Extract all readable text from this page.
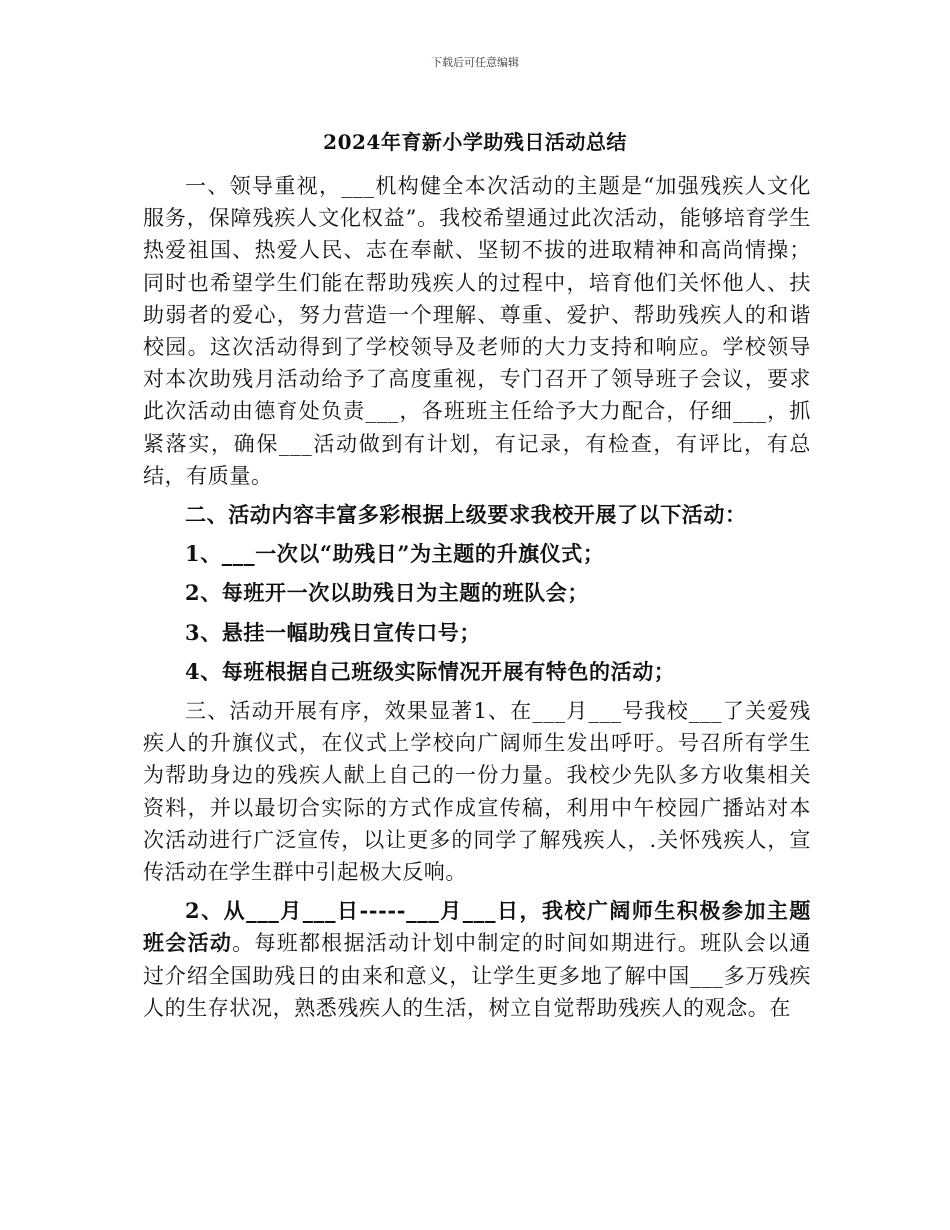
下载后可任意编辑
2024年育新小学助残日活动总结

一、领导重视，___机构健全本次活动的主题是“加强残疾人文化服务，保障残疾人文化权益”。我校希望通过此次活动，能够培育学生热爱祖国、热爱人民、志在奉献、坚韧不拔的进取精神和高尚情操；同时也希望学生们能在帮助残疾人的过程中，培育他们关怀他人、扶助弱者的爱心，努力营造一个理解、尊重、爱护、帮助残疾人的和谐校园。这次活动得到了学校领导及老师的大力支持和响应。学校领导对本次助残月活动给予了高度重视，专门召开了领导班子会议，要求此次活动由德育处负责___，各班班主任给予大力配合，仔细___，抓紧落实，确保___活动做到有计划，有记录，有检查，有评比，有总结，有质量。

二、活动内容丰富多彩根据上级要求我校开展了以下活动：

1、___一次以“助残日”为主题的升旗仪式；

2、每班开一次以助残日为主题的班队会；

3、悬挂一幅助残日宣传口号；

4、每班根据自己班级实际情况开展有特色的活动；

三、活动开展有序，效果显著1、在___月___号我校___了关爱残疾人的升旗仪式，在仪式上学校向广阔师生发出呼吁。号召所有学生为帮助身边的残疾人献上自己的一份力量。我校少先队多方收集相关资料，并以最切合实际的方式作成宣传稿，利用中午校园广播站对本次活动进行广泛宣传，以让更多的同学了解残疾人，.关怀残疾人，宣传活动在学生群中引起极大反响。

2、从___月___日-----___月___日，我校广阔师生积极参加主题班会活动。每班都根据活动计划中制定的时间如期进行。班队会以通过介绍全国助残日的由来和意义，让学生更多地了解中国___多万残疾人的生存状况，熟悉残疾人的生活，树立自觉帮助残疾人的观念。在
